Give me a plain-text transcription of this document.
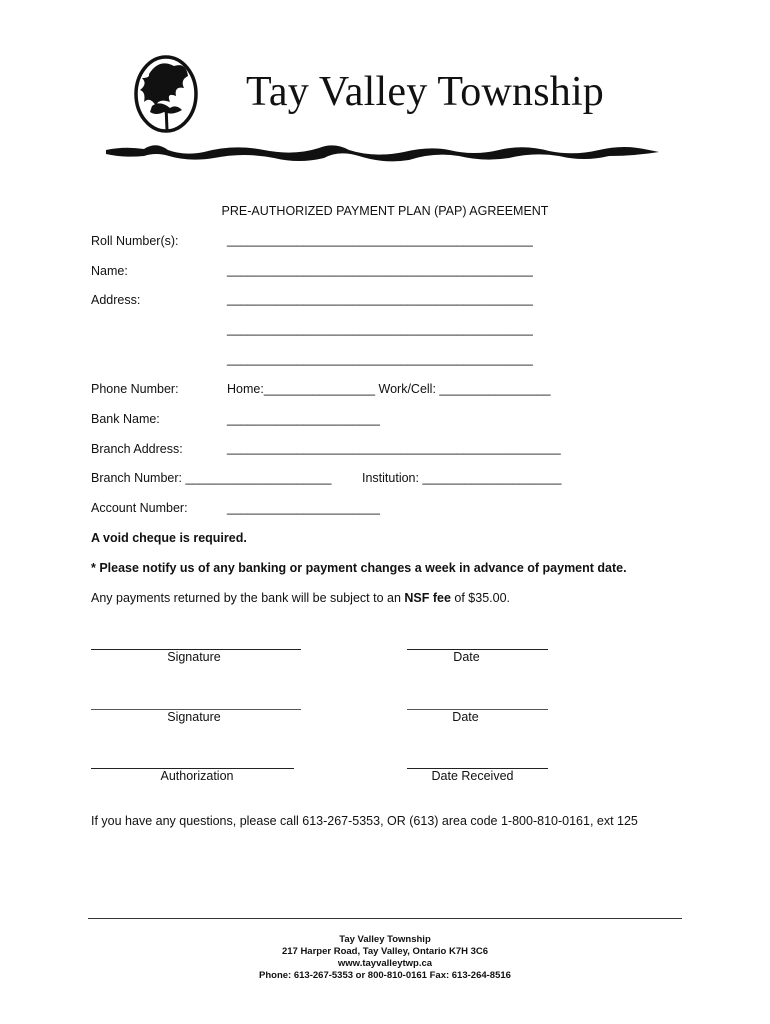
Tay Valley Township
PRE-AUTHORIZED PAYMENT PLAN (PAP) AGREEMENT
Roll Number(s):	____________________________________________
Name:	____________________________________________
Address:	____________________________________________
____________________________________________
____________________________________________
Phone Number:	Home:________________ Work/Cell: ________________
Bank Name:	______________________
Branch Address:	________________________________________________
Branch Number: _____________________ Institution: ____________________
Account Number:	______________________
A void cheque is required.
* Please notify us of any banking or payment changes a week in advance of payment date.
Any payments returned by the bank will be subject to an NSF fee of $35.00.
Signature	Date
Signature	Date
Authorization	Date Received
If you have any questions, please call 613-267-5353, OR (613) area code 1-800-810-0161, ext 125
Tay Valley Township
217 Harper Road, Tay Valley, Ontario K7H 3C6
www.tayvalleytwp.ca
Phone: 613-267-5353 or 800-810-0161 Fax: 613-264-8516
